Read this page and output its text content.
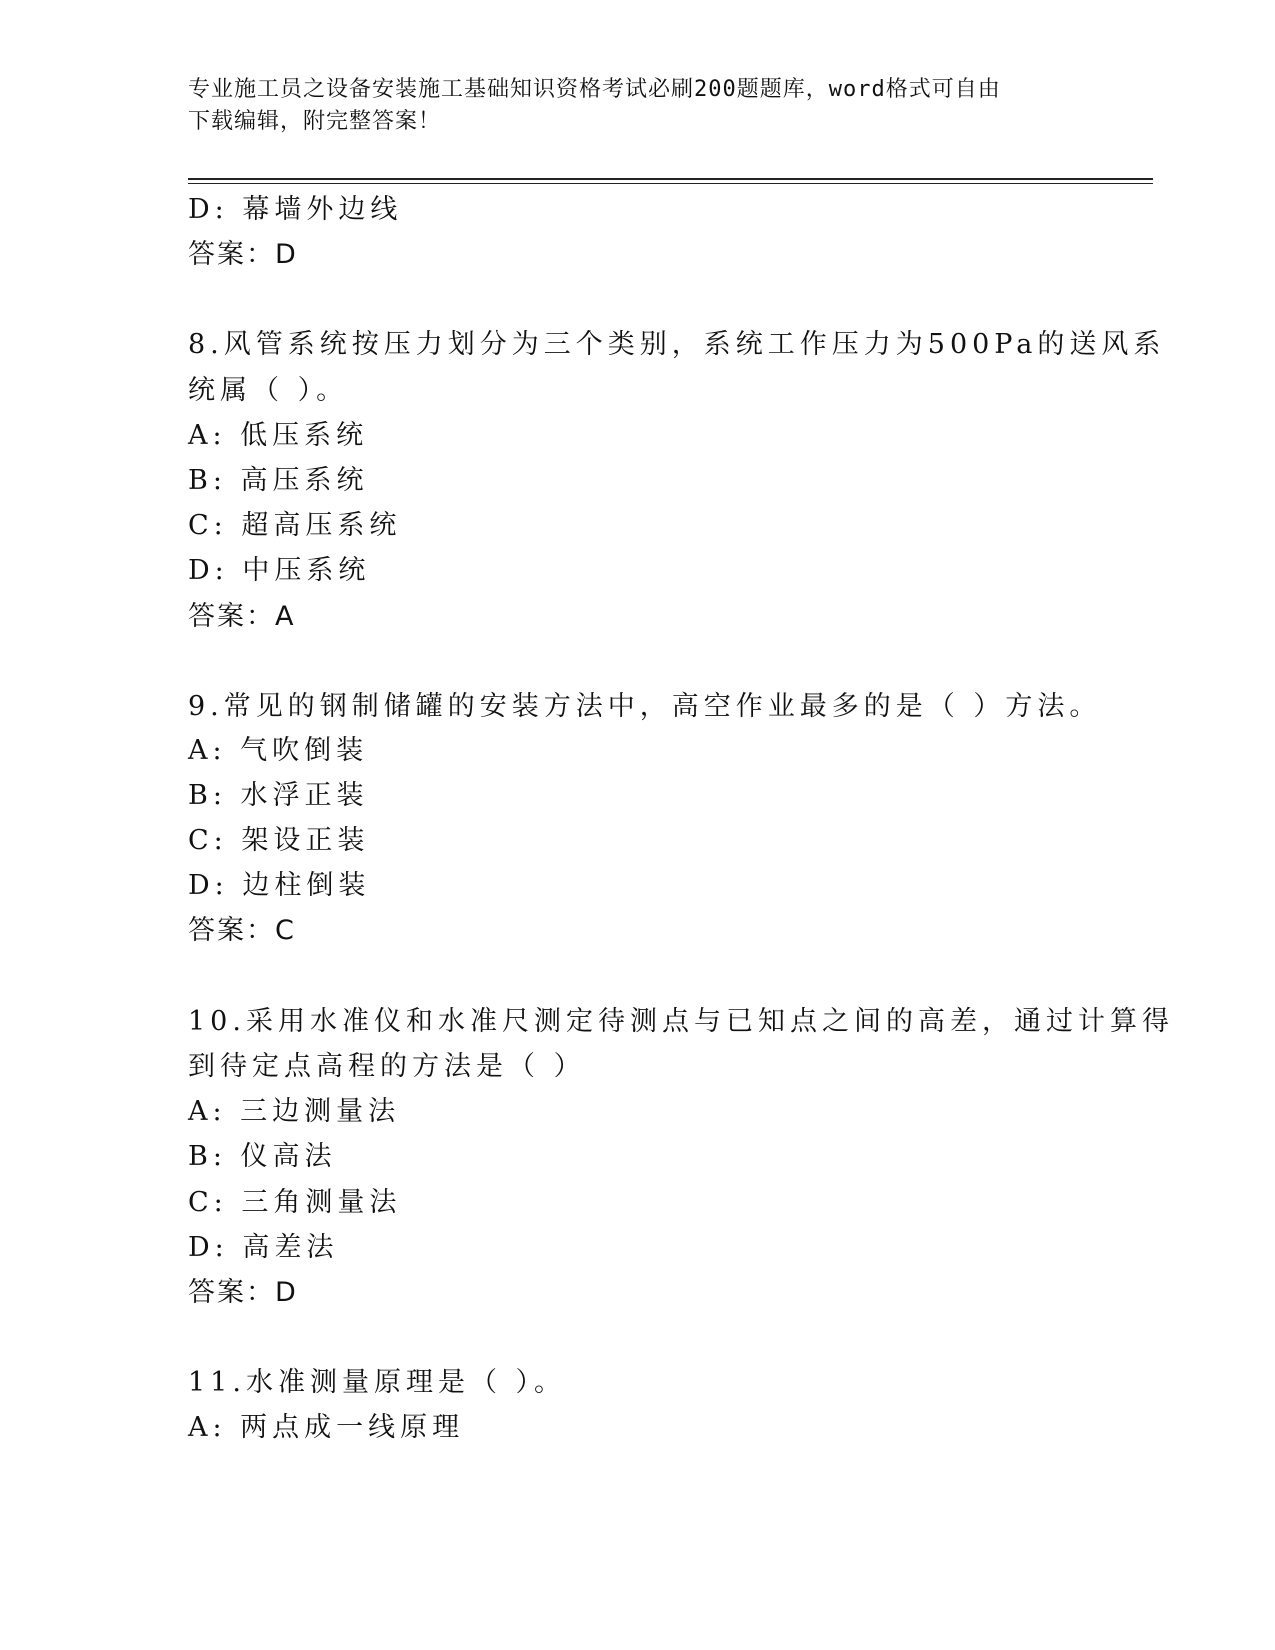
专业施工员之设备安装施工基础知识资格考试必刷200题题库，word格式可自由
下载编辑，附完整答案！
D: 幕墙外边线
答案：D
8.风管系统按压力划分为三个类别，系统工作压力为500Pa的送风系
统属（ ）。
A: 低压系统
B: 高压系统
C: 超高压系统
D: 中压系统
答案：A
9.常见的钢制储罐的安装方法中，高空作业最多的是（ ）方法。
A: 气吹倒装
B: 水浮正装
C: 架设正装
D: 边柱倒装
答案：C
10.采用水准仪和水准尺测定待测点与已知点之间的高差，通过计算得
到待定点高程的方法是（ ）
A: 三边测量法
B: 仪高法
C: 三角测量法
D: 高差法
答案：D
11.水准测量原理是（ ）。
A: 两点成一线原理
